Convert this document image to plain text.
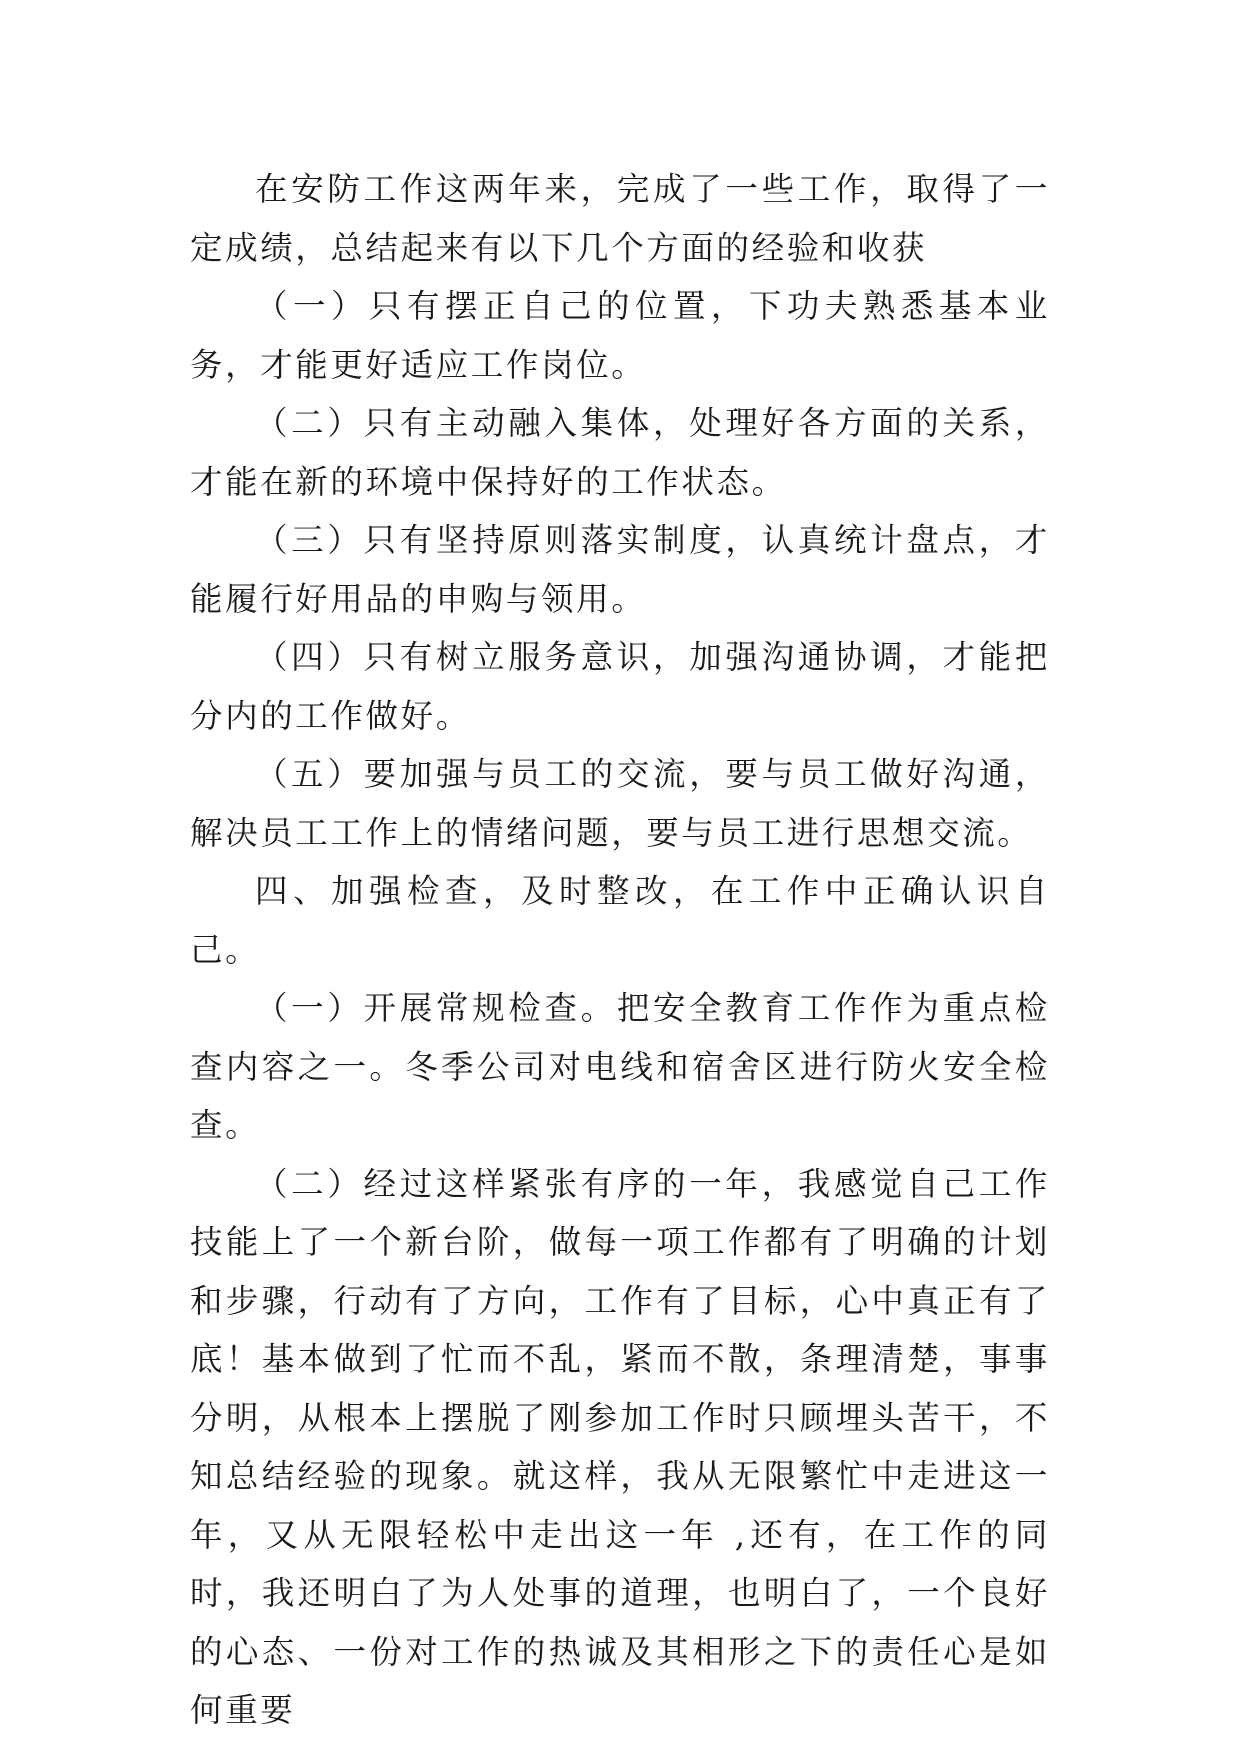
在安防工作这两年来，完成了一些工作，取得了一定成绩，总结起来有以下几个方面的经验和收获

（一）只有摆正自己的位置，下功夫熟悉基本业务，才能更好适应工作岗位。

（二）只有主动融入集体，处理好各方面的关系，才能在新的环境中保持好的工作状态。

（三）只有坚持原则落实制度，认真统计盘点，才能履行好用品的申购与领用。

（四）只有树立服务意识，加强沟通协调，才能把分内的工作做好。

（五）要加强与员工的交流，要与员工做好沟通，解决员工工作上的情绪问题，要与员工进行思想交流。

四、加强检查，及时整改，在工作中正确认识自己。

（一）开展常规检查。把安全教育工作作为重点检查内容之一。冬季公司对电线和宿舍区进行防火安全检查。

（二）经过这样紧张有序的一年，我感觉自己工作技能上了一个新台阶，做每一项工作都有了明确的计划和步骤，行动有了方向，工作有了目标，心中真正有了底！基本做到了忙而不乱，紧而不散，条理清楚，事事分明，从根本上摆脱了刚参加工作时只顾埋头苦干，不知总结经验的现象。就这样，我从无限繁忙中走进这一年，又从无限轻松中走出这一年 ,还有，在工作的同时，我还明白了为人处事的道理，也明白了，一个良好的心态、一份对工作的热诚及其相形之下的责任心是如何重要
